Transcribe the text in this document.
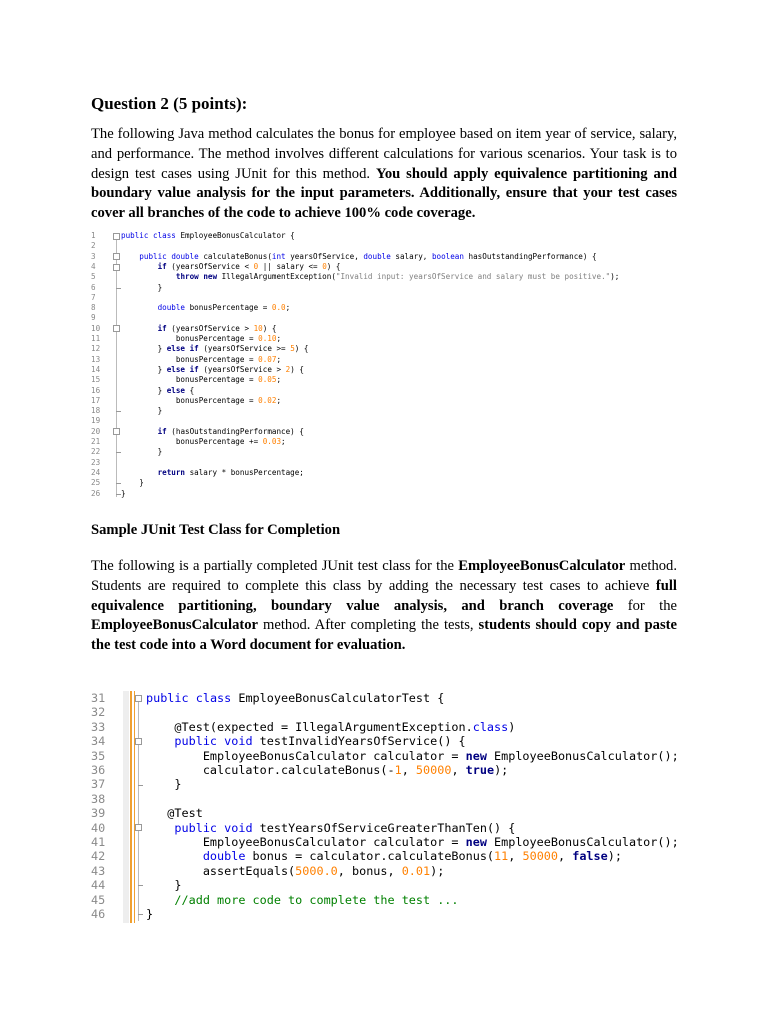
Question 2 (5 points):

The following Java method calculates the bonus for employee based on item year of service, salary, and performance. The method involves different calculations for various scenarios. Your task is to design test cases using JUnit for this method. You should apply equivalence partitioning and boundary value analysis for the input parameters. Additionally, ensure that your test cases cover all branches of the code to achieve 100% code coverage.

1	public class EmployeeBonusCalculator {
2
3	public double calculateBonus(int yearsOfService, double salary, boolean hasOutstandingPerformance) {
4	if (yearsOfService < 0 || salary <= 0) {
5	throw new IllegalArgumentException("Invalid input: yearsOfService and salary must be positive.");
6	}
7
8	double bonusPercentage = 0.0;
9
10	if (yearsOfService > 10) {
11	bonusPercentage = 0.10;
12	} else if (yearsOfService >= 5) {
13	bonusPercentage = 0.07;
14	} else if (yearsOfService > 2) {
15	bonusPercentage = 0.05;
16	} else {
17	bonusPercentage = 0.02;
18	}
19
20	if (hasOutstandingPerformance) {
21	bonusPercentage += 0.03;
22	}
23
24	return salary * bonusPercentage;
25	}
26	}
Sample JUnit Test Class for Completion

The following is a partially completed JUnit test class for the EmployeeBonusCalculator method. Students are required to complete this class by adding the necessary test cases to achieve full equivalence partitioning, boundary value analysis, and branch coverage for the EmployeeBonusCalculator method. After completing the tests, students should copy and paste the test code into a Word document for evaluation.

31	public class EmployeeBonusCalculatorTest {
32
33	@Test(expected = IllegalArgumentException.class)
34	public void testInvalidYearsOfService() {
35	EmployeeBonusCalculator calculator = new EmployeeBonusCalculator();
36	calculator.calculateBonus(-1, 50000, true);
37	}
38
39	@Test
40	public void testYearsOfServiceGreaterThanTen() {
41	EmployeeBonusCalculator calculator = new EmployeeBonusCalculator();
42	double bonus = calculator.calculateBonus(11, 50000, false);
43	assertEquals(5000.0, bonus, 0.01);
44	}
45	//add more code to complete the test ...
46	}
